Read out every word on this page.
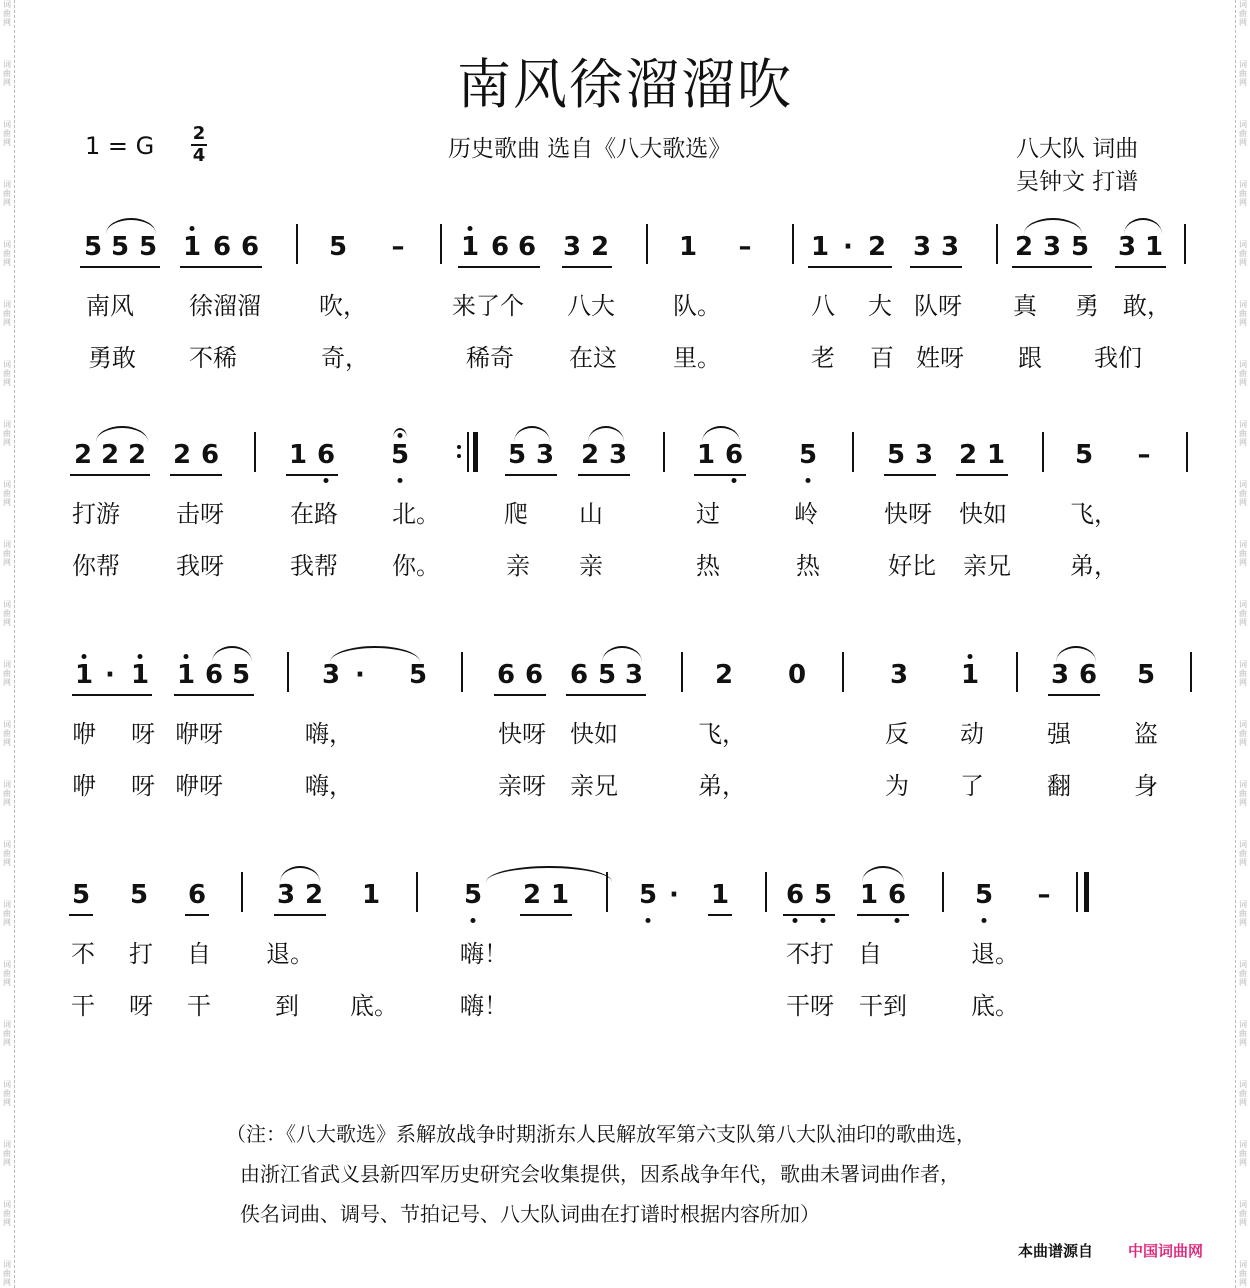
词曲网
词曲网
词曲网
词曲网
词曲网
词曲网
词曲网
词曲网
词曲网
词曲网
词曲网
词曲网
词曲网
词曲网
词曲网
词曲网
词曲网
词曲网
词曲网
词曲网
词曲网
词曲网
词曲网
词曲网
词曲网
词曲网
词曲网
词曲网
词曲网
词曲网
词曲网
词曲网
词曲网
词曲网
词曲网
词曲网
词曲网
词曲网
词曲网
词曲网
词曲网
词曲网
词曲网
词曲网
南风徐溜溜吹
1 = G 2
4	历史歌曲 选自《八大歌选》	八大队 词曲
吴钟文 打谱
5 5 5 1 6 6	5 – 1 6 6 3 2	1 – 1 · 2 3 3 2 3 5 3 1
南风 徐溜溜 吹，	来了个 八大 队。	八 大 队呀 真 勇 敢，
勇敢 不稀	奇，	稀奇 在这 里。	老 百 姓呀 跟 我们
2 2 2 2 6	1 6 5	5 3 2 3	1 6 5	5 3 2 1	5 –
打游 击呀	在路 北。	爬 山	过	岭	快呀 快如	飞，
你帮 我呀	我帮 你。	亲 亲	热	热	好比 亲兄 弟，
1 · 1 1 6 5	3 · 5	6 6 6 5 3	2 0	3 1	3 6 5
咿 呀 咿呀	嗨，	快呀 快如	飞，	反 动	强	盗
咿 呀 咿呀	嗨，	亲呀 亲兄	弟，	为 了	翻	身
5 5 6	3 2 1	5 2 1	5 · 1 6 5 1 6	5 –
不 打 自 退。	嗨！	不打 自	退。
干 呀 干	到 底。	嗨！	干呀 干到	底。
（注：《八大歌选》系解放战争时期浙东人民解放军第六支队第八大队油印的歌曲选，
由浙江省武义县新四军历史研究会收集提供，因系战争年代，歌曲未署词曲作者，
佚名词曲、调号、节拍记号、八大队词曲在打谱时根据内容所加）
本曲谱源自 中国词曲网
